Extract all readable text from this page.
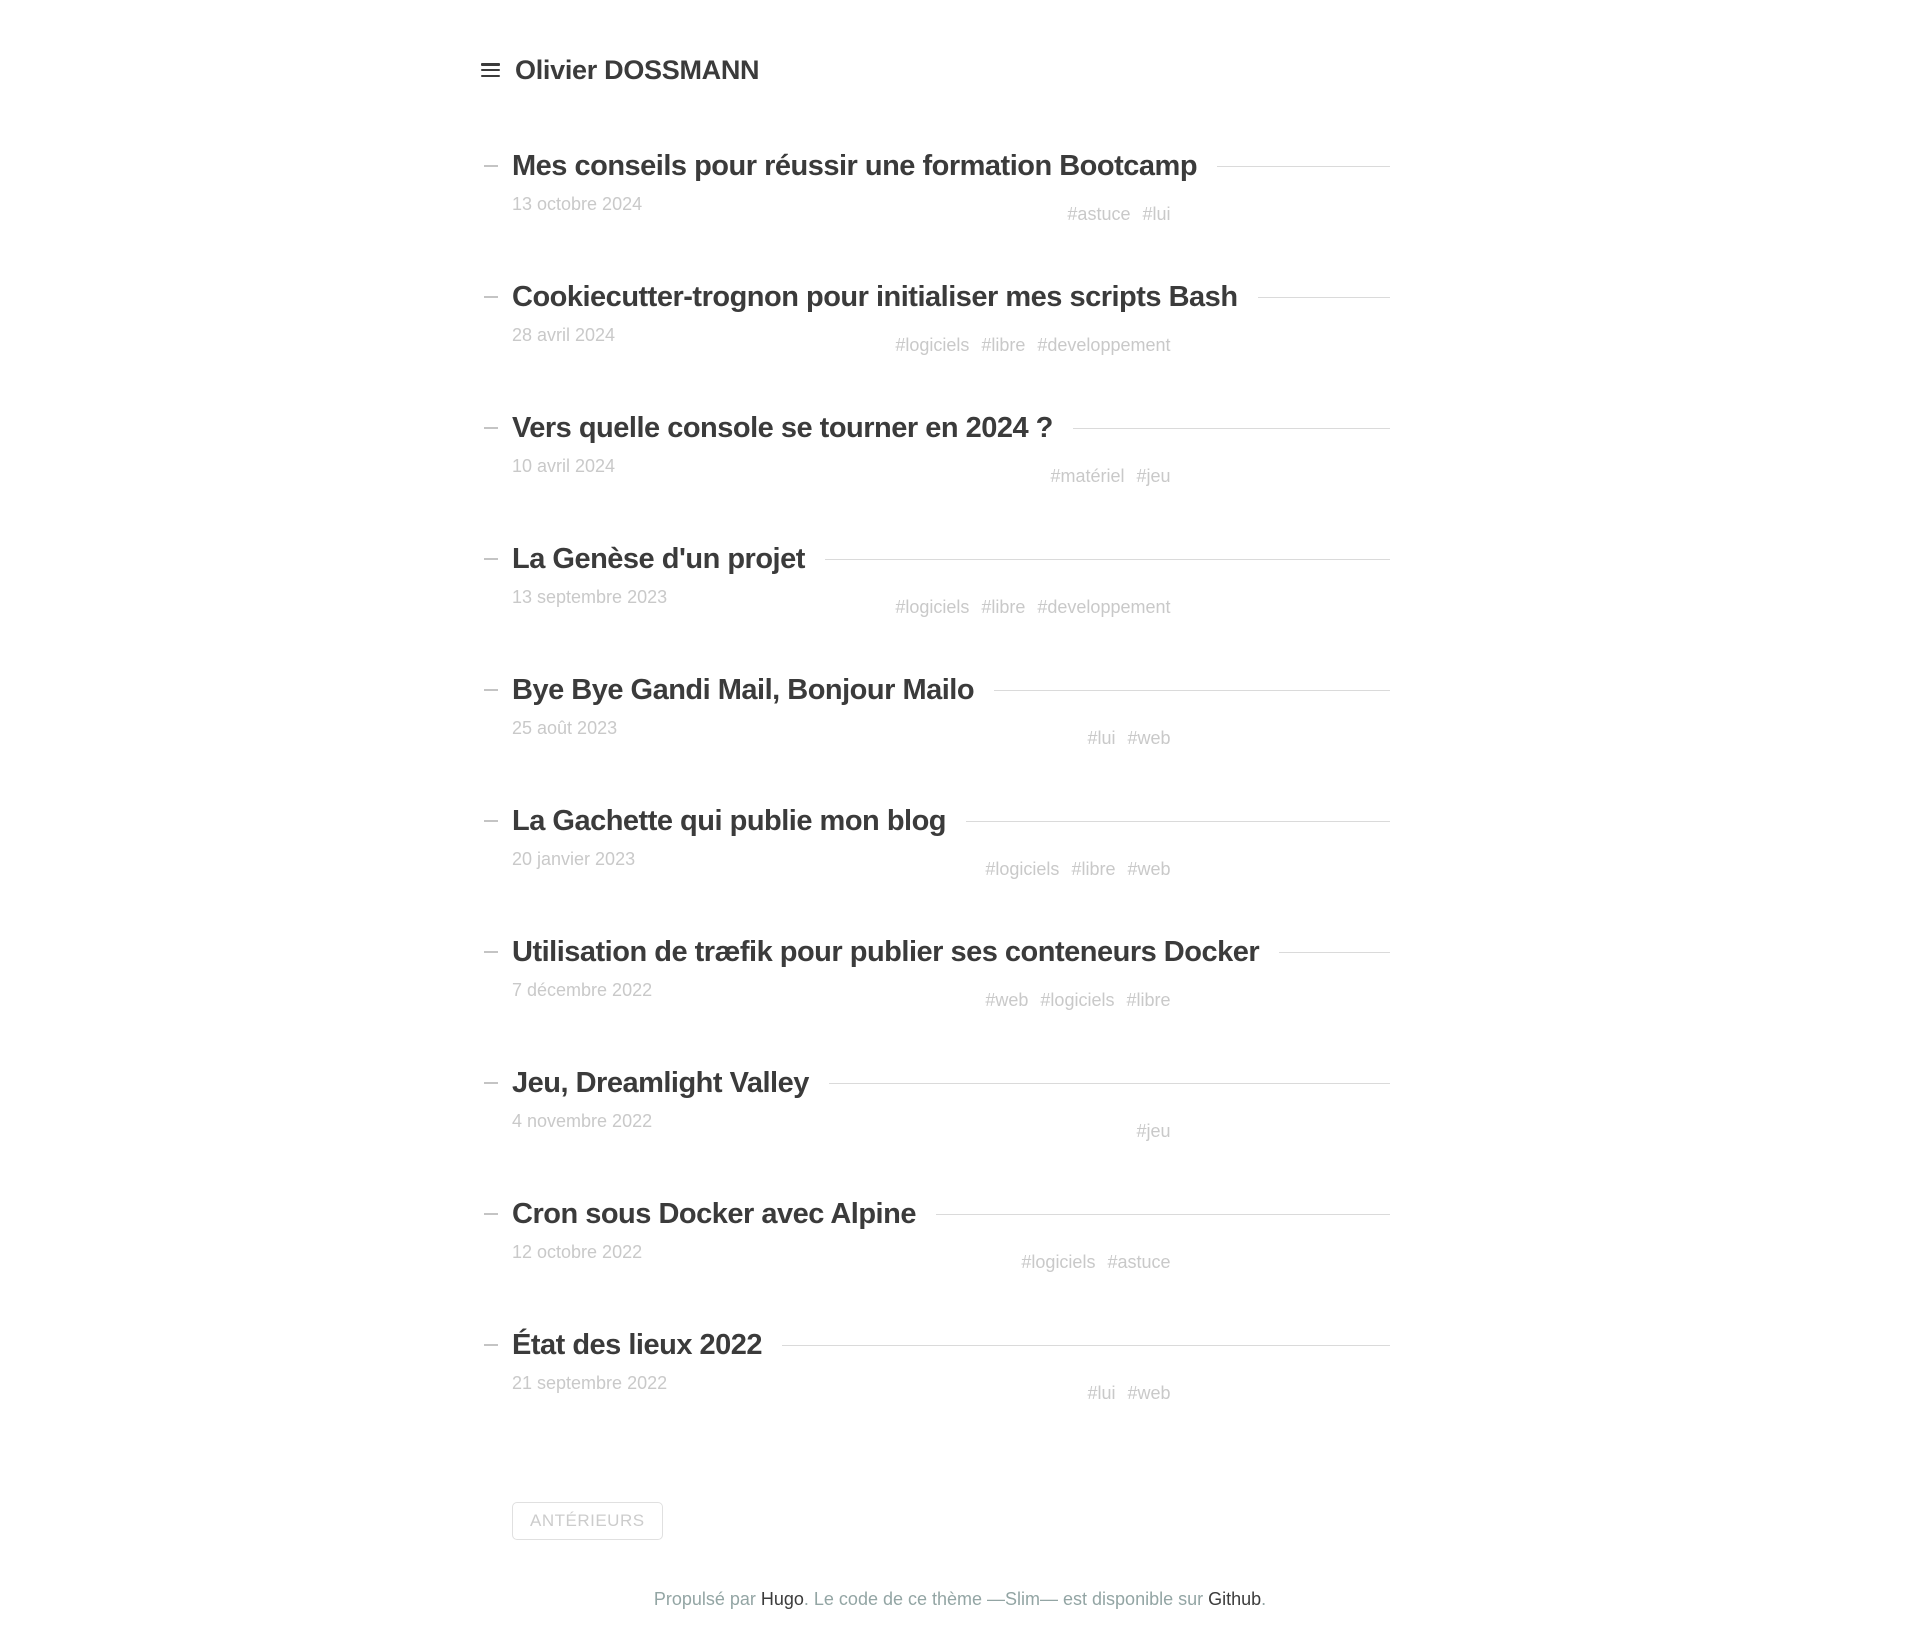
Olivier DOSSMANN
Mes conseils pour réussir une formation Bootcamp
13 octobre 2024	#astuce #lui
Cookiecutter-trognon pour initialiser mes scripts Bash
28 avril 2024	#logiciels #libre #developpement
Vers quelle console se tourner en 2024 ?
10 avril 2024	#matériel #jeu
La Genèse d'un projet
13 septembre 2023	#logiciels #libre #developpement
Bye Bye Gandi Mail, Bonjour Mailo
25 août 2023	#lui #web
La Gachette qui publie mon blog
20 janvier 2023	#logiciels #libre #web
Utilisation de træfik pour publier ses conteneurs Docker
7 décembre 2022	#web #logiciels #libre
Jeu, Dreamlight Valley
4 novembre 2022	#jeu
Cron sous Docker avec Alpine
12 octobre 2022	#logiciels #astuce
État des lieux 2022
21 septembre 2022	#lui #web
ANTÉRIEURS
Propulsé par Hugo. Le code de ce thème —Slim— est disponible sur Github.
